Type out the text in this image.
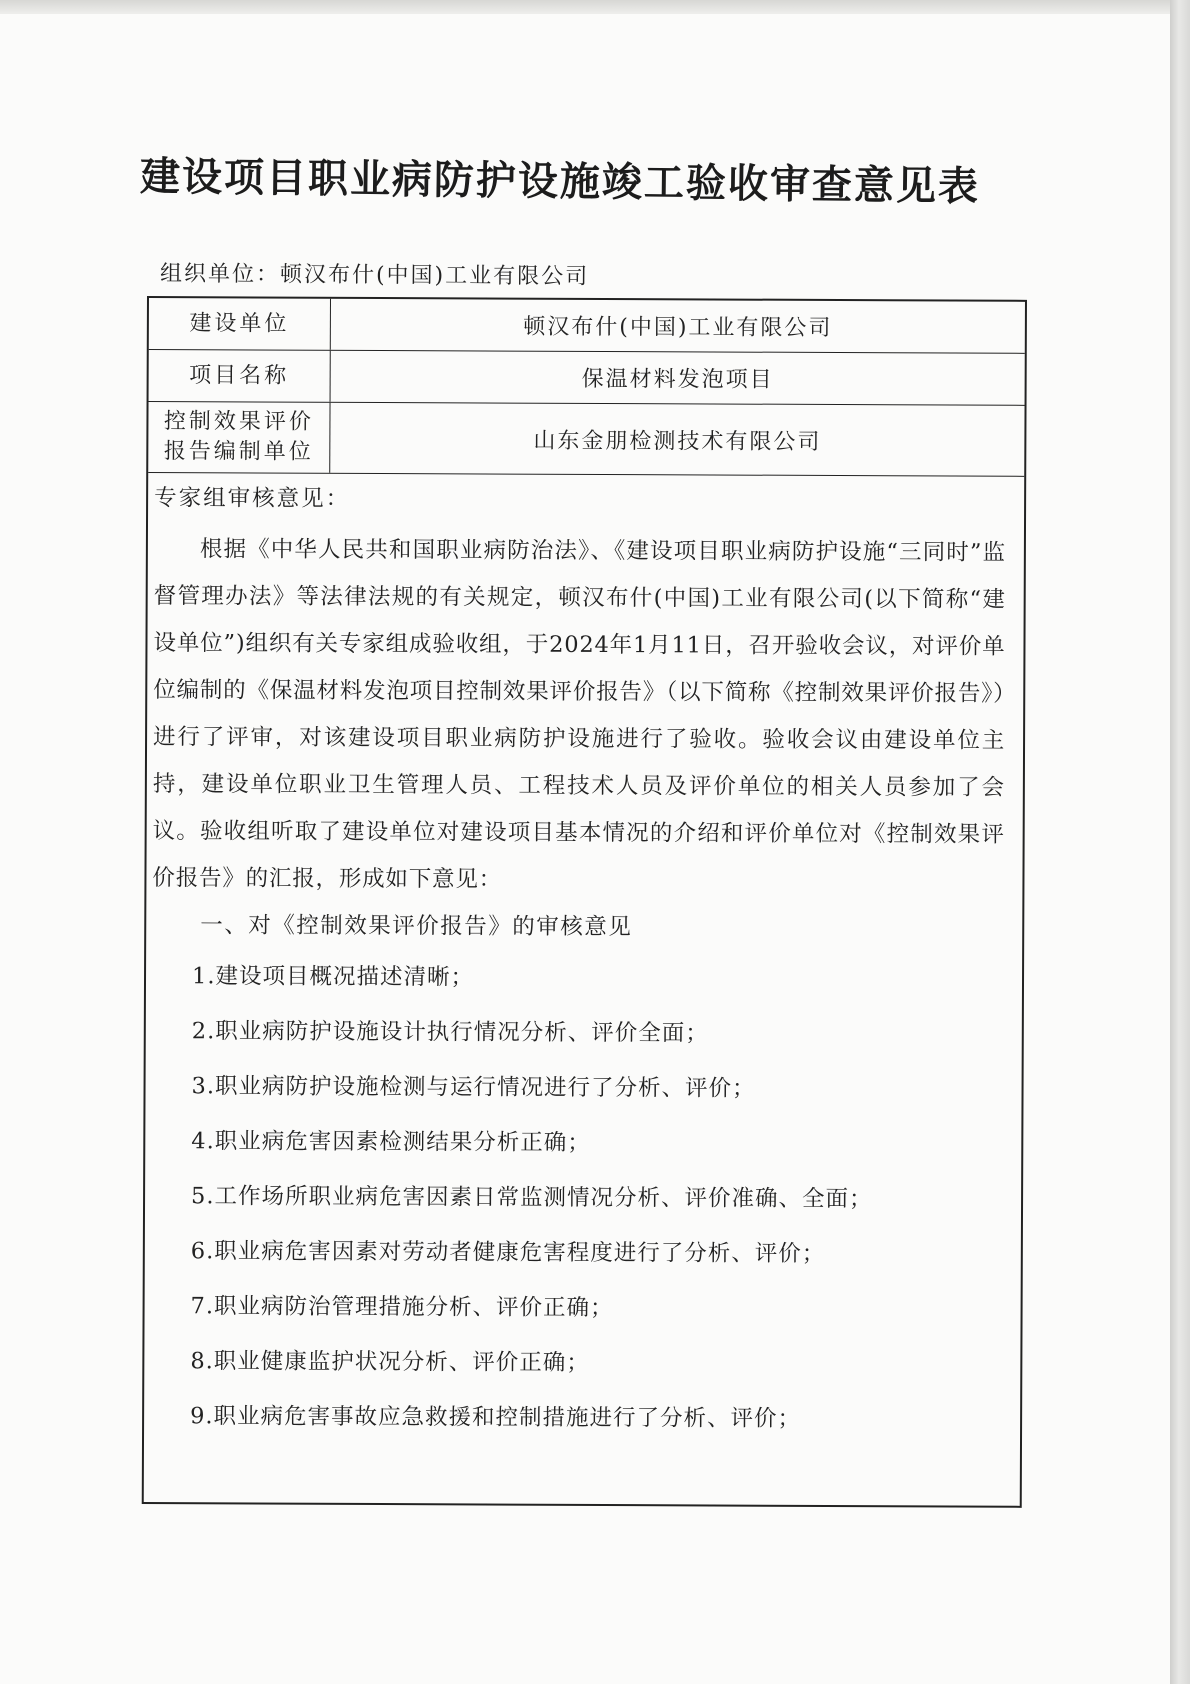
建设项目职业病防护设施竣工验收审查意见表
组织单位：顿汉布什(中国)工业有限公司
建设单位	顿汉布什(中国)工业有限公司
项目名称	保温材料发泡项目
控制效果评价报告编制单位	山东金朋检测技术有限公司
专家组审核意见：
根据《中华人民共和国职业病防治法》、《建设项目职业病防护设施“三同时”监督管理办法》等法律法规的有关规定，顿汉布什(中国)工业有限公司(以下简称“建设单位”)组织有关专家组成验收组，于2024年1月11日，召开验收会议，对评价单位编制的《保温材料发泡项目控制效果评价报告》（以下简称《控制效果评价报告》）进行了评审，对该建设项目职业病防护设施进行了验收。验收会议由建设单位主持，建设单位职业卫生管理人员、工程技术人员及评价单位的相关人员参加了会议。验收组听取了建设单位对建设项目基本情况的介绍和评价单位对《控制效果评价报告》的汇报，形成如下意见：
一、对《控制效果评价报告》的审核意见
1.建设项目概况描述清晰；
2.职业病防护设施设计执行情况分析、评价全面；
3.职业病防护设施检测与运行情况进行了分析、评价；
4.职业病危害因素检测结果分析正确；
5.工作场所职业病危害因素日常监测情况分析、评价准确、全面；
6.职业病危害因素对劳动者健康危害程度进行了分析、评价；
7.职业病防治管理措施分析、评价正确；
8.职业健康监护状况分析、评价正确；
9.职业病危害事故应急救援和控制措施进行了分析、评价；
